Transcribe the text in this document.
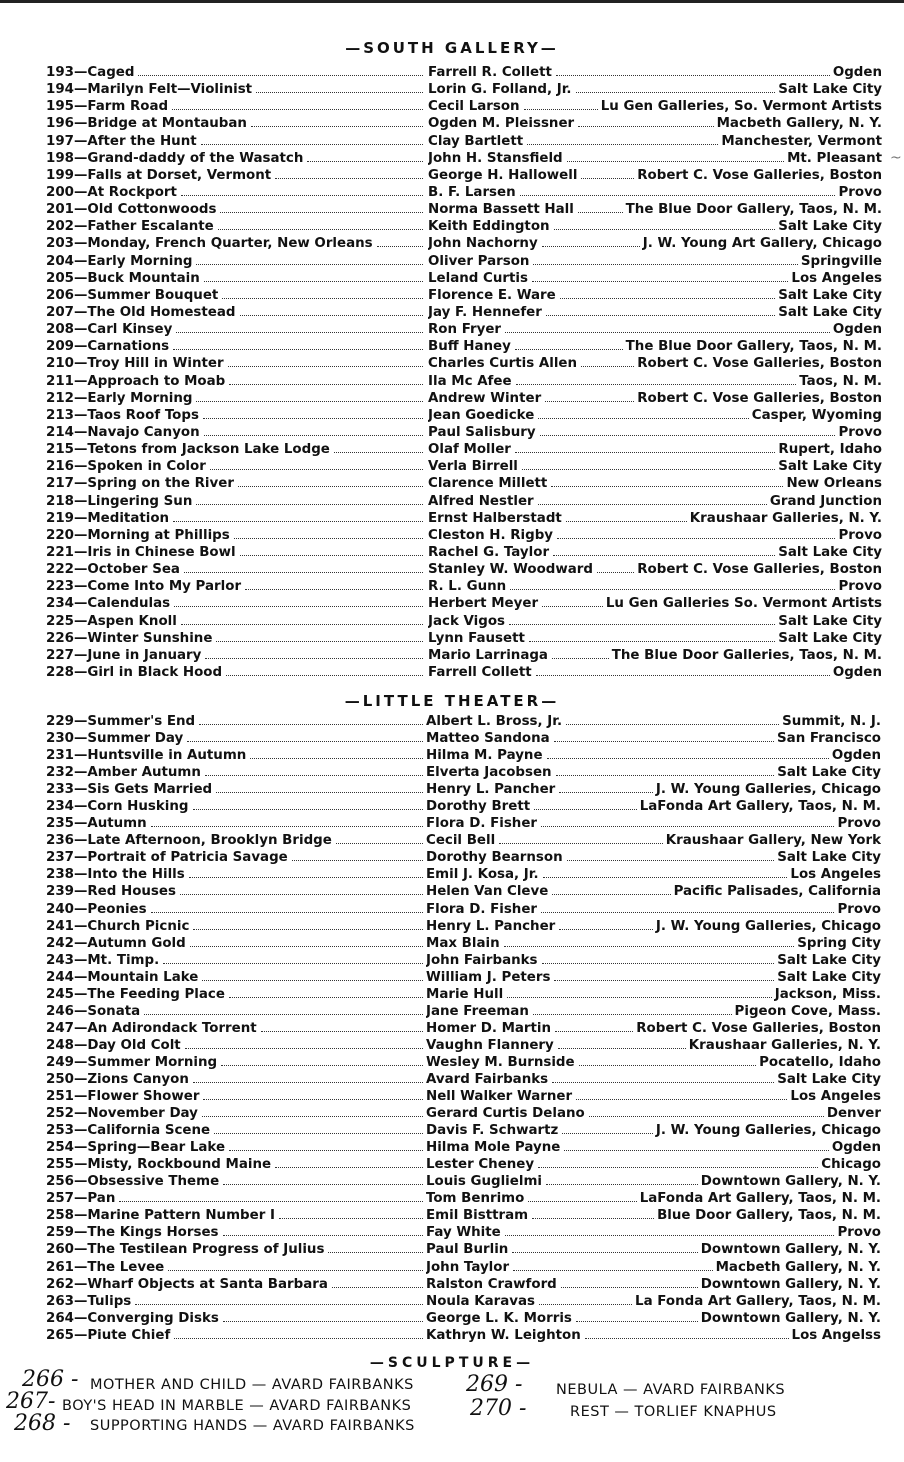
—SOUTH GALLERY—
193 — Caged	Farrell R. Collett	Ogden
194 — Marilyn Felt—Violinist	Lorin G. Folland, Jr.	Salt Lake City
195 — Farm Road	Cecil Larson	Lu Gen Galleries, So. Vermont Artists
196 — Bridge at Montauban	Ogden M. Pleissner	Macbeth Gallery, N. Y.
197 — After the Hunt	Clay Bartlett	Manchester, Vermont
198 — Grand-daddy of the Wasatch	John H. Stansfield	Mt. Pleasant
199 — Falls at Dorset, Vermont	George H. Hallowell	Robert C. Vose Galleries, Boston
200 — At Rockport	B. F. Larsen	Provo
201 — Old Cottonwoods	Norma Bassett Hall	The Blue Door Gallery, Taos, N. M.
202 — Father Escalante	Keith Eddington	Salt Lake City
203 — Monday, French Quarter, New Orleans	John Nachorny	J. W. Young Art Gallery, Chicago
204 — Early Morning	Oliver Parson	Springville
205 — Buck Mountain	Leland Curtis	Los Angeles
206 — Summer Bouquet	Florence E. Ware	Salt Lake City
207 — The Old Homestead	Jay F. Hennefer	Salt Lake City
208 — Carl Kinsey	Ron Fryer	Ogden
209 — Carnations	Buff Haney	The Blue Door Gallery, Taos, N. M.
210 — Troy Hill in Winter	Charles Curtis Allen	Robert C. Vose Galleries, Boston
211 — Approach to Moab	Ila Mc Afee	Taos, N. M.
212 — Early Morning	Andrew Winter	Robert C. Vose Galleries, Boston
213 — Taos Roof Tops	Jean Goedicke	Casper, Wyoming
214 — Navajo Canyon	Paul Salisbury	Provo
215 — Tetons from Jackson Lake Lodge	Olaf Moller	Rupert, Idaho
216 — Spoken in Color	Verla Birrell	Salt Lake City
217 — Spring on the River	Clarence Millett	New Orleans
218 — Lingering Sun	Alfred Nestler	Grand Junction
219 — Meditation	Ernst Halberstadt	Kraushaar Galleries, N. Y.
220 — Morning at Phillips	Cleston H. Rigby	Provo
221 — Iris in Chinese Bowl	Rachel G. Taylor	Salt Lake City
222 — October Sea	Stanley W. Woodward	Robert C. Vose Galleries, Boston
223 — Come Into My Parlor	R. L. Gunn	Provo
234 — Calendulas	Herbert Meyer	Lu Gen Galleries So. Vermont Artists
225 — Aspen Knoll	Jack Vigos	Salt Lake City
226 — Winter Sunshine	Lynn Fausett	Salt Lake City
227 — June in January	Mario Larrinaga	The Blue Door Galleries, Taos, N. M.
228 — Girl in Black Hood	Farrell Collett	Ogden
—LITTLE THEATER—
229 — Summer's End	Albert L. Bross, Jr.	Summit, N. J.
230 — Summer Day	Matteo Sandona	San Francisco
231 — Huntsville in Autumn	Hilma M. Payne	Ogden
232 — Amber Autumn	Elverta Jacobsen	Salt Lake City
233 — Sis Gets Married	Henry L. Pancher	J. W. Young Galleries, Chicago
234 — Corn Husking	Dorothy Brett	LaFonda Art Gallery, Taos, N. M.
235 — Autumn	Flora D. Fisher	Provo
236 — Late Afternoon, Brooklyn Bridge	Cecil Bell	Kraushaar Gallery, New York
237 — Portrait of Patricia Savage	Dorothy Bearnson	Salt Lake City
238 — Into the Hills	Emil J. Kosa, Jr.	Los Angeles
239 — Red Houses	Helen Van Cleve	Pacific Palisades, California
240 — Peonies	Flora D. Fisher	Provo
241 — Church Picnic	Henry L. Pancher	J. W. Young Galleries, Chicago
242 — Autumn Gold	Max Blain	Spring City
243 — Mt. Timp.	John Fairbanks	Salt Lake City
244 — Mountain Lake	William J. Peters	Salt Lake City
245 — The Feeding Place	Marie Hull	Jackson, Miss.
246 — Sonata	Jane Freeman	Pigeon Cove, Mass.
247 — An Adirondack Torrent	Homer D. Martin	Robert C. Vose Galleries, Boston
248 — Day Old Colt	Vaughn Flannery	Kraushaar Galleries, N. Y.
249 — Summer Morning	Wesley M. Burnside	Pocatello, Idaho
250 — Zions Canyon	Avard Fairbanks	Salt Lake City
251 — Flower Shower	Nell Walker Warner	Los Angeles
252 — November Day	Gerard Curtis Delano	Denver
253 — California Scene	Davis F. Schwartz	J. W. Young Galleries, Chicago
254 — Spring—Bear Lake	Hilma Mole Payne	Ogden
255 — Misty, Rockbound Maine	Lester Cheney	Chicago
256 — Obsessive Theme	Louis Guglielmi	Downtown Gallery, N. Y.
257 — Pan	Tom Benrimo	LaFonda Art Gallery, Taos, N. M.
258 — Marine Pattern Number I	Emil Bisttram	Blue Door Gallery, Taos, N. M.
259 — The Kings Horses	Fay White	Provo
260 — The Testilean Progress of Julius	Paul Burlin	Downtown Gallery, N. Y.
261 — The Levee	John Taylor	Macbeth Gallery, N. Y.
262 — Wharf Objects at Santa Barbara	Ralston Crawford	Downtown Gallery, N. Y.
263 — Tulips	Noula Karavas	La Fonda Art Gallery, Taos, N. M.
264 — Converging Disks	George L. K. Morris	Downtown Gallery, N. Y.
265 — Piute Chief	Kathryn W. Leighton	Los Angelss
—SCULPTURE—
266 - MOTHER AND CHILD — AVARD FAIRBANKS
267- BOY'S HEAD IN MARBLE — AVARD FAIRBANKS
268 - SUPPORTING HANDS — AVARD FAIRBANKS
269 - NEBULA — AVARD FAIRBANKS
270 -	REST — TORLIEF KNAPHUS
~
